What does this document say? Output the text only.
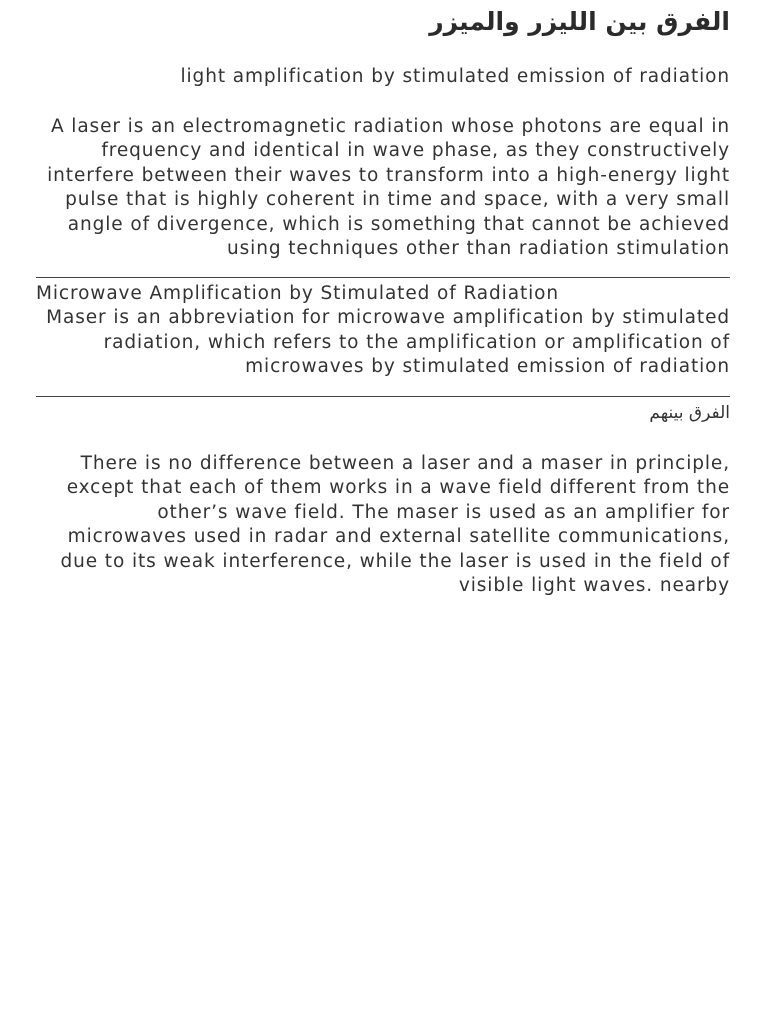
الفرق بين الليزر والميزر

light amplification by stimulated emission of radiation

A laser is an electromagnetic radiation whose photons are equal in frequency and identical in wave phase, as they constructively interfere between their waves to transform into a high-energy light pulse that is highly coherent in time and space, with a very small angle of divergence, which is something that cannot be achieved using techniques other than radiation stimulation

Microwave Amplification by Stimulated of Radiation

Maser is an abbreviation for microwave amplification by stimulated radiation, which refers to the amplification or amplification of microwaves by stimulated emission of radiation

الفرق بينهم

There is no difference between a laser and a maser in principle, except that each of them works in a wave field different from the other’s wave field. The maser is used as an amplifier for microwaves used in radar and external satellite communications, due to its weak interference, while the laser is used in the field of visible light waves. nearby
